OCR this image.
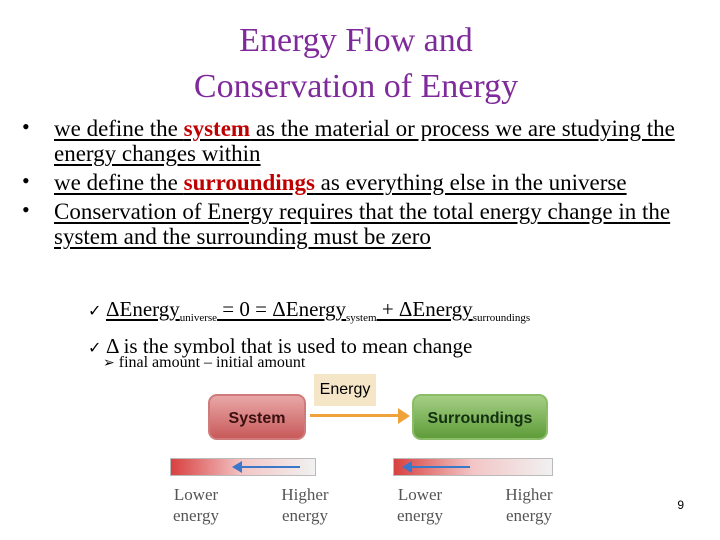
Energy Flow and
Conservation of Energy
• we define the system as the material or process we are studying the energy changes within
• we define the surroundings as everything else in the universe
• Conservation of Energy requires that the total energy change in the system and the surrounding must be zero
✓ ΔEnergy$_{universe}$ = 0 = ΔEnergy$_{system}$ + ΔEnergy$_{surroundings}$
✓ Δ is the symbol that is used to mean change
➢ final amount – initial amount
Energy
System	Surroundings
Lower energy
Higher energy
Lower energy
Higher energy
9
